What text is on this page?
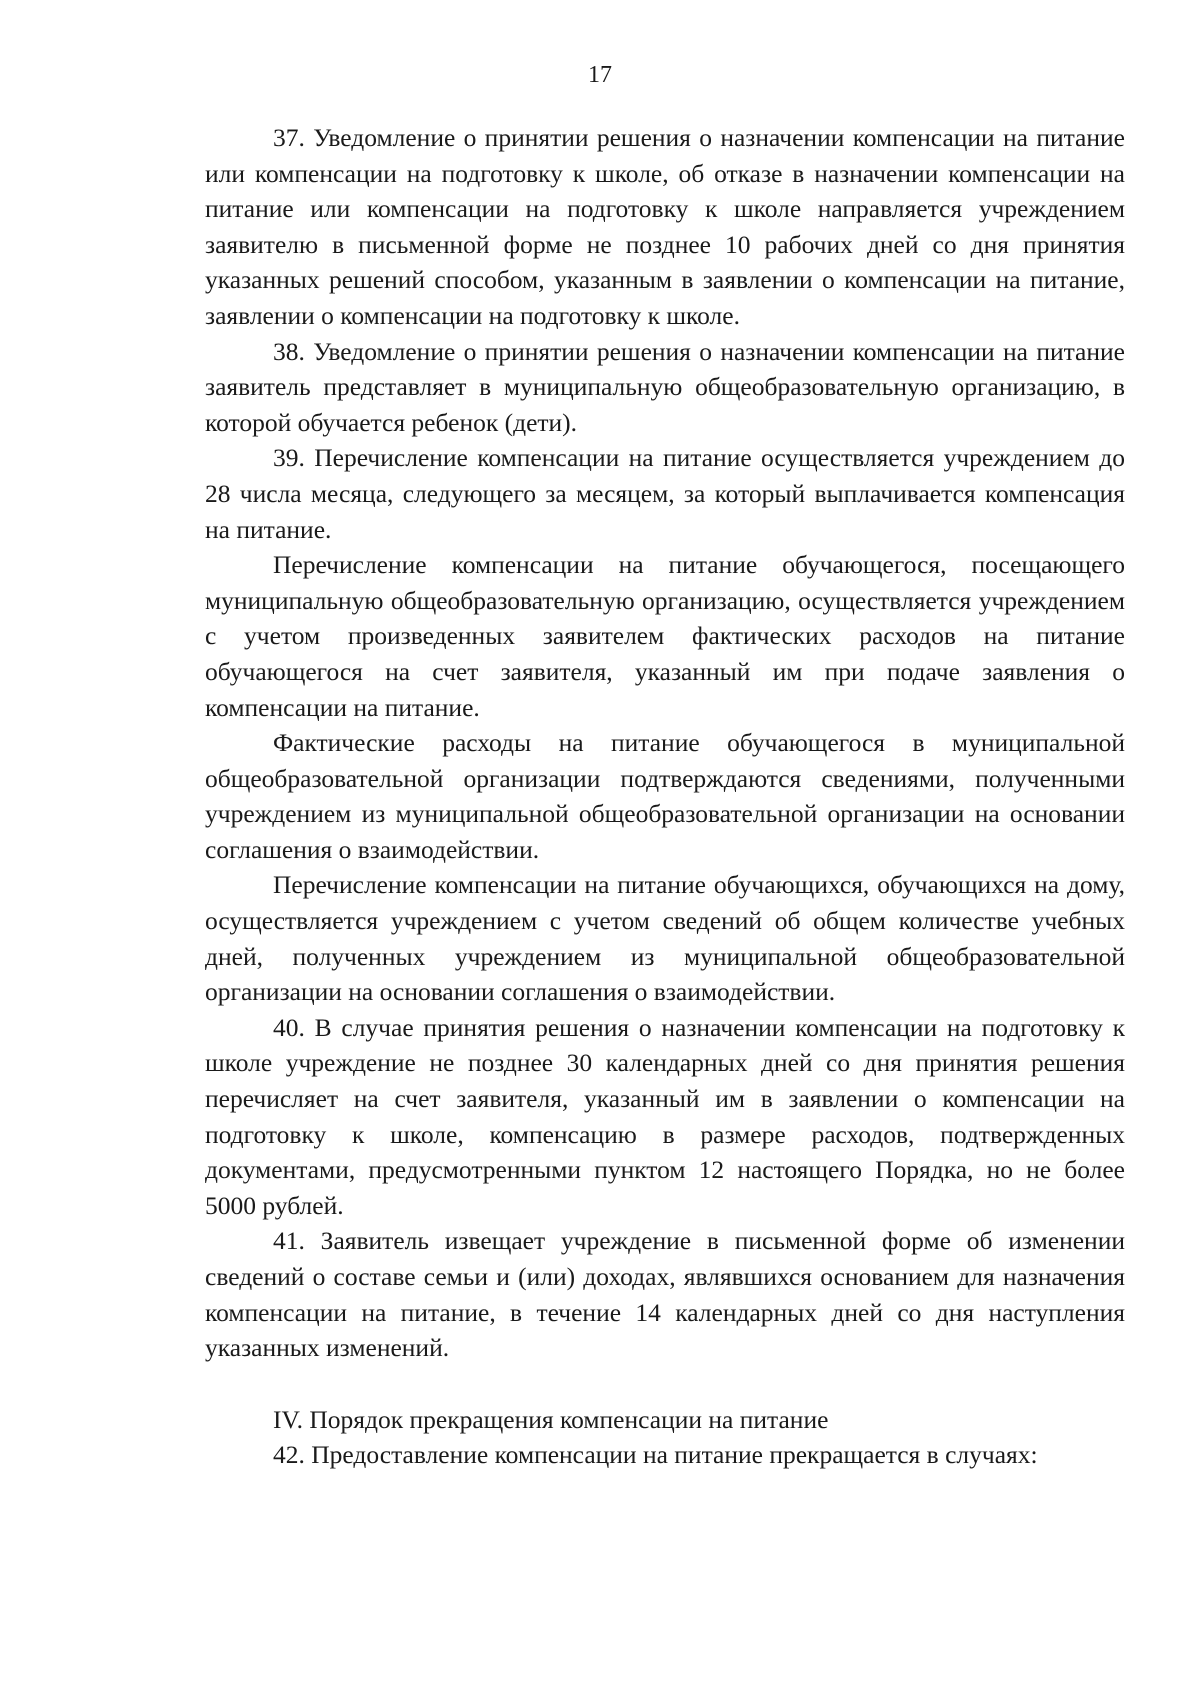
17

37. Уведомление о принятии решения о назначении компенсации на питание или компенсации на подготовку к школе, об отказе в назначении компенсации на питание или компенсации на подготовку к школе направляется учреждением заявителю в письменной форме не позднее 10 рабочих дней со дня принятия указанных решений способом, указанным в заявлении о компенсации на питание, заявлении о компенсации на подготовку к школе.

38. Уведомление о принятии решения о назначении компенсации на питание заявитель представляет в муниципальную общеобразовательную организацию, в которой обучается ребенок (дети).

39. Перечисление компенсации на питание осуществляется учреждением до 28 числа месяца, следующего за месяцем, за который выплачивается компенсация на питание.

Перечисление компенсации на питание обучающегося, посещающего муниципальную общеобразовательную организацию, осуществляется учреждением с учетом произведенных заявителем фактических расходов на питание обучающегося на счет заявителя, указанный им при подаче заявления о компенсации на питание.

Фактические расходы на питание обучающегося в муниципальной общеобразовательной организации подтверждаются сведениями, полученными учреждением из муниципальной общеобразовательной организации на основании соглашения о взаимодействии.

Перечисление компенсации на питание обучающихся, обучающихся на дому, осуществляется учреждением с учетом сведений об общем количестве учебных дней, полученных учреждением из муниципальной общеобразовательной организации на основании соглашения о взаимодействии.

40. В случае принятия решения о назначении компенсации на подготовку к школе учреждение не позднее 30 календарных дней со дня принятия решения перечисляет на счет заявителя, указанный им в заявлении о компенсации на подготовку к школе, компенсацию в размере расходов, подтвержденных документами, предусмотренными пунктом 12 настоящего Порядка, но не более 5000 рублей.

41. Заявитель извещает учреждение в письменной форме об изменении сведений о составе семьи и (или) доходах, являвшихся основанием для назначения компенсации на питание, в течение 14 календарных дней со дня наступления указанных изменений.

IV. Порядок прекращения компенсации на питание

42. Предоставление компенсации на питание прекращается в случаях:
